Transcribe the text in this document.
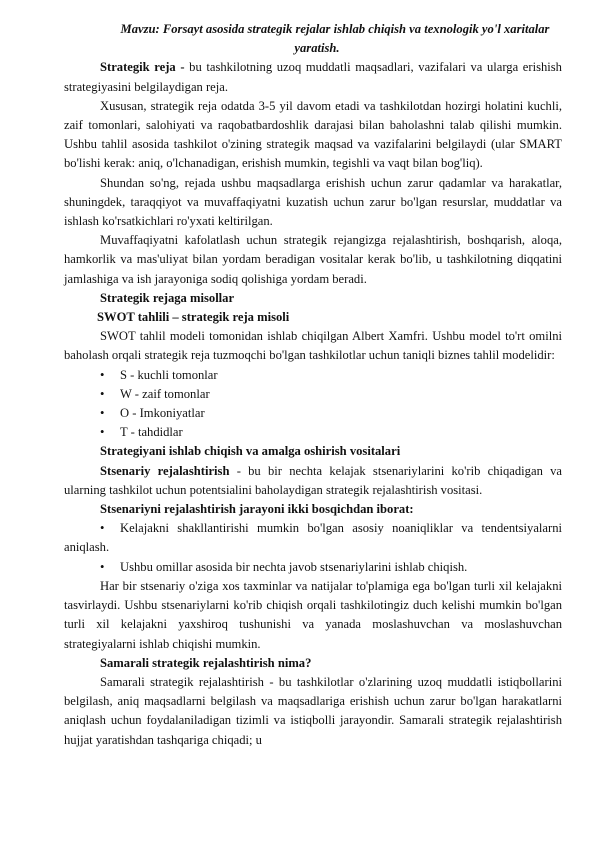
Mavzu: Forsayt asosida strategik rejalar ishlab chiqish va texnologik yo'l xaritalar yaratish.

Strategik reja - bu tashkilotning uzoq muddatli maqsadlari, vazifalari va ularga erishish strategiyasini belgilaydigan reja.

Xususan, strategik reja odatda 3-5 yil davom etadi va tashkilotdan hozirgi holatini kuchli, zaif tomonlari, salohiyati va raqobatbardoshlik darajasi bilan baholashni talab qilishi mumkin. Ushbu tahlil asosida tashkilot o'zining strategik maqsad va vazifalarini belgilaydi (ular SMART bo'lishi kerak: aniq, o'lchanadigan, erishish mumkin, tegishli va vaqt bilan bog'liq).

Shundan so'ng, rejada ushbu maqsadlarga erishish uchun zarur qadamlar va harakatlar, shuningdek, taraqqiyot va muvaffaqiyatni kuzatish uchun zarur bo'lgan resurslar, muddatlar va ishlash ko'rsatkichlari ro'yxati keltirilgan.

Muvaffaqiyatni kafolatlash uchun strategik rejangizga rejalashtirish, boshqarish, aloqa, hamkorlik va mas'uliyat bilan yordam beradigan vositalar kerak bo'lib, u tashkilotning diqqatini jamlashiga va ish jarayoniga sodiq qolishiga yordam beradi.

Strategik rejaga misollar

SWOT tahlili – strategik reja misoli

SWOT tahlil modeli tomonidan ishlab chiqilgan Albert Xamfri. Ushbu model to'rt omilni baholash orqali strategik reja tuzmoqchi bo'lgan tashkilotlar uchun taniqli biznes tahlil modelidir:

• S - kuchli tomonlar
• W - zaif tomonlar
• O - Imkoniyatlar
• T - tahdidlar

Strategiyani ishlab chiqish va amalga oshirish vositalari

Stsenariy rejalashtirish - bu bir nechta kelajak stsenariylarini ko'rib chiqadigan va ularning tashkilot uchun potentsialini baholaydigan strategik rejalashtirish vositasi.

Stsenariyni rejalashtirish jarayoni ikki bosqichdan iborat:

• Kelajakni shakllantirishi mumkin bo'lgan asosiy noaniqliklar va tendentsiyalarni aniqlash.
• Ushbu omillar asosida bir nechta javob stsenariylarini ishlab chiqish.

Har bir stsenariy o'ziga xos taxminlar va natijalar to'plamiga ega bo'lgan turli xil kelajakni tasvirlaydi. Ushbu stsenariylarni ko'rib chiqish orqali tashkilotingiz duch kelishi mumkin bo'lgan turli xil kelajakni yaxshiroq tushunishi va yanada moslashuvchan va moslashuvchan strategiyalarni ishlab chiqishi mumkin.

Samarali strategik rejalashtirish nima?

Samarali strategik rejalashtirish - bu tashkilotlar o'zlarining uzoq muddatli istiqbollarini belgilash, aniq maqsadlarni belgilash va maqsadlariga erishish uchun zarur bo'lgan harakatlarni aniqlash uchun foydalaniladigan tizimli va istiqbolli jarayondir. Samarali strategik rejalashtirish hujjat yaratishdan tashqariga chiqadi; u
